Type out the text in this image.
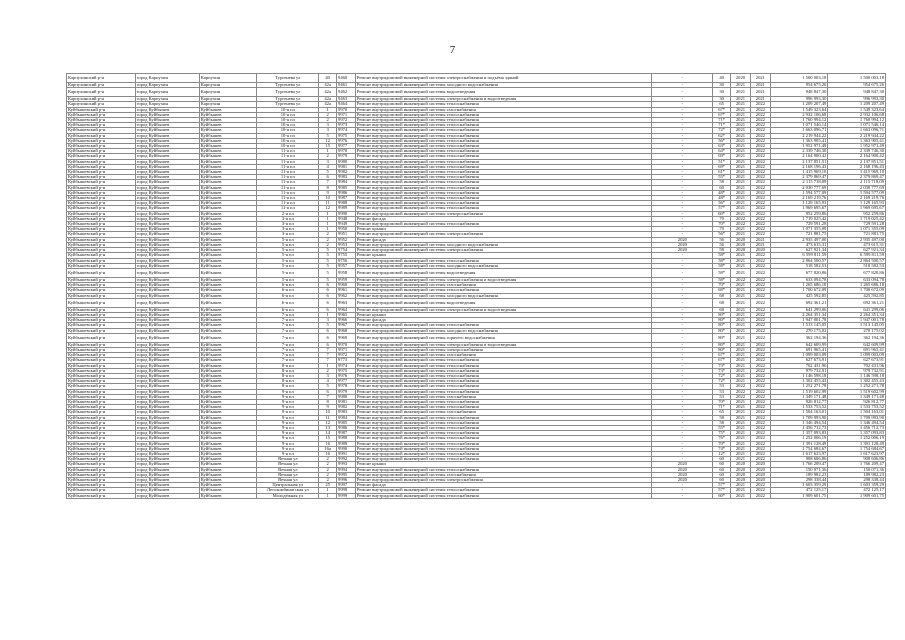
7
Карпухинский р-н	город Карпухин	Карпухин	Тургенева ул	40	9460	Ремонт внутридомовой инженерной системы электроснабжения и подъёма зданий	-	40	2020	2021	1 500 003,18	1 500 003,18
Карпухинский р-н	город Карпухин	Карпухин	Тургенева ул	42а	9461	Ремонт внутридомовой инженерной системы холодного водоснабжения	-	30	2021	2021	954 675,26	954 675,26
Карпухинский р-н	город Карпухин	Карпухин	Тургенева ул	42а	9462	Ремонт внутридомовой инженерной системы водоотведения	-	30	2021	2021	948 847,30	948 847,30
Карпухинский р-н	город Карпухин	Карпухин	Тургенева ул	42а	9463	Ремонт внутридомовой инженерной системы электроснабжения и водоотведения	-	30	2021	2021	996 993,30	996 993,30
Карпухинский р-н	город Карпухин	Карпухин	Тургенева ул	42а	9464	Ремонт внутридомовой инженерной системы теплоснабжения	-	65	2021	2022	1 209 207,49	1 209 207,49
Куйбышевский р-н	город Куйбышев	Куйбышев	10-я пл	1	9970	Ремонт внутридомовой инженерной системы газоснабжения	-	67*	2021	2022	1 549 323,64	1 549 323,64
Куйбышевский р-н	город Куйбышев	Куйбышев	10-я пл	2	9971	Ремонт внутридомовой инженерной системы теплоснабжения	-	67*	2021	2022	2 932 106,68	2 932 106,68
Куйбышевский р-н	город Куйбышев	Куйбышев	10-я пл	2	9972	Ремонт внутридомовой инженерной системы теплоснабжения	-	71*	2021	2022	1 760 994,12	1 760 994,12
Куйбышевский р-н	город Куйбышев	Куйбышев	10-я пл	3	9973	Ремонт внутридомовой инженерной системы теплоснабжения	-	71*	2021	2022	1 071 546,14	1 071 546,14
Куйбышевский р-н	город Куйбышев	Куйбышев	10-я пл	3	9974	Ремонт внутридомовой инженерной системы теплоснабжения	-	72*	2021	2022	1 663 096,71	1 663 096,71
Куйбышевский р-н	город Куйбышев	Куйбышев	10-я пл	5	9975	Ремонт внутридомовой инженерной системы теплоснабжения	-	62*	2021	2022	2 219 944,22	2 219 944,22
Куйбышевский р-н	город Куйбышев	Куйбышев	10-я пл	12	9976	Ремонт внутридомовой инженерной системы теплоснабжения	-	56*	2021	2022	1 363 905,41	1 363 905,41
Куйбышевский р-н	город Куйбышев	Куйбышев	10-я пл	15	9977	Ремонт внутридомовой инженерной системы теплоснабжения	-	63*	2021	2022	1 952 971,49	1 952 971,49
Куйбышевский р-н	город Куйбышев	Куйбышев	11-я пл	1	9978	Ремонт внутридомовой инженерной системы теплоснабжения	-	64*	2021	2022	2 339 746,30	2 339 746,30
Куйбышевский р-н	город Куйбышев	Куйбышев	11-я пл	2	9979	Ремонт внутридомовой инженерной системы теплоснабжения	-	69*	2021	2022	2 164 900,42	2 164 900,42
Куйбышевский р-н	город Куйбышев	Куйбышев	11-я пл	3	9980	Ремонт внутридомовой инженерной системы теплоснабжения	-	51*	2021	2022	2 137 851,51	2 137 851,51
Куйбышевский р-н	город Куйбышев	Куйбышев	11-я пл	4	9981	Ремонт внутридомовой инженерной системы теплоснабжения	-	69*	2021	2022	2 168 196,43	2 168 196,43
Куйбышевский р-н	город Куйбышев	Куйбышев	11-я пл	5	9982	Ремонт внутридомовой инженерной системы теплоснабжения	-	61*	2021	2022	1 415 969,10	1 415 969,10
Куйбышевский р-н	город Куйбышев	Куйбышев	11-я пл	6	9983	Ремонт внутридомовой инженерной системы теплоснабжения	-	55*	2021	2022	2 379 869,47	2 379 869,47
Куйбышевский р-н	город Куйбышев	Куйбышев	11-я пл	7	9984	Ремонт внутридомовой инженерной системы теплоснабжения	-	58	2021	2022	2 115 718,09	2 115 718,09
Куйбышевский р-н	город Куйбышев	Куйбышев	11-я пл	8	9985	Ремонт внутридомовой инженерной системы теплоснабжения	-	60	2021	2022	2 030 777,69	2 030 777,69
Куйбышевский р-н	город Куйбышев	Куйбышев	11-я пл	9	9986	Ремонт внутридомовой инженерной системы теплоснабжения	-	48*	2021	2022	1 594 577,09	1 594 577,09
Куйбышевский р-н	город Куйбышев	Куйбышев	11-я пл	10	9987	Ремонт внутридомовой инженерной системы теплоснабжения	-	48*	2021	2022	2 169 219,76	2 169 219,76
Куйбышевский р-н	город Куйбышев	Куйбышев	11-я пл	11	9988	Ремонт внутридомовой инженерной системы теплоснабжения	-	56*	2021	2022	1 129 165,93	1 129 165,93
Куйбышевский р-н	город Куйбышев	Куйбышев	11-я пл	12	9989	Ремонт внутридомовой инженерной системы теплоснабжения	-	57*	2021	2022	1 969 695,67	1 969 695,67
Куйбышевский р-н	город Куйбышев	Куйбышев	2-я пл	1	9990	Ремонт внутридомовой инженерной системы электроснабжения	-	60*	2021	2022	952 259,86	952 259,86
Куйбышевский р-н	город Куйбышев	Куйбышев	3-я пл	1	9948	Ремонт фасада	-	70	2022	2022	1 719 025,42	1 719 025,42
Куйбышевский р-н	город Куйбышев	Куйбышев	3-я пл	1	9949	Ремонт внутридомовой инженерной системы теплоснабжения	-	70*	2022	2022	729 591,28	729 591,28
Куйбышевский р-н	город Куйбышев	Куйбышев	3-я пл	1	9950	Ремонт крыши	-	70	2021	2022	1 071 355,09	1 071 355,09
Куйбышевский р-н	город Куйбышев	Куйбышев	3-я пл	2	9951	Ремонт внутридомовой инженерной системы электроснабжения	-	56*	2021	2022	721 881,75	721 881,75
Куйбышевский р-н	город Куйбышев	Куйбышев	5-я пл	2	9952	Ремонт фасада	2020	56	2020	2021	2 935 497,00	2 935 497,00
Куйбышевский р-н	город Куйбышев	Куйбышев	5-я пл	2	9953	Ремонт внутридомовой инженерной системы холодного водоснабжения	2020	56	2020	2021	473 615,31	473 615,31
Куйбышевский р-н	город Куйбышев	Куйбышев	5-я пл	5	9754	Ремонт внутридомовой инженерной системы электроснабжения	2020	58	2020	2020	627 921,34	627 921,34
Куйбышевский р-н	город Куйбышев	Куйбышев	5-я пл	5	9755	Ремонт крыши	-	58*	2021	2022	6 599 811,59	6 599 811,59
Куйбышевский р-н	город Куйбышев	Куйбышев	5-я пл	5	9756	Ремонт внутридомовой инженерной системы теплоснабжения	-	58*	2021	2022	2 864 500,57	2 864 500,57
Куйбышевский р-н	город Куйбышев	Куйбышев	5-я пл	5	9957	Ремонт внутридомовой инженерной системы холодного водоснабжения	-	58*	2021	2022	518 582,53	518 582,53
Куйбышевский р-н	город Куйбышев	Куйбышев	5-я пл	5	9958	Ремонт внутридомовой инженерной системы водоотведения	-	58*	2021	2022	677 820,86	677 820,86
Куйбышевский р-н	город Куйбышев	Куйбышев	5-я пл	5	9959	Ремонт внутридомовой инженерной системы электроснабжения и водоотведения	-	58*	2022	2022	633 094,78	633 094,78
Куйбышевский р-н	город Куйбышев	Куйбышев	6-я пл	6	9960	Ремонт внутридомовой инженерной системы газоснабжения	-	70*	2021	2022	1 265 686,18	1 265 686,18
Куйбышевский р-н	город Куйбышев	Куйбышев	6-я пл	6	9961	Ремонт внутридомовой инженерной системы теплоснабжения	-	68*	2021	2022	1 700 672,09	1 700 672,09
Куйбышевский р-н	город Куйбышев	Куйбышев	6-я пл	6	9962	Ремонт внутридомовой инженерной системы холодного водоснабжения	-	68	2021	2022	425 592,85	425 592,85
Куйбышевский р-н	город Куйбышев	Куйбышев	6-я пл	6	9963	Ремонт внутридомовой инженерной системы водоотведения	-	68	2021	2022	692 361,21	692 361,21
Куйбышевский р-н	город Куйбышев	Куйбышев	6-я пл	6	9964	Ремонт внутридомовой инженерной системы электроснабжения и водоотведения	-	68	2021	2022	641 299,06	641 299,06
Куйбышевский р-н	город Куйбышев	Куйбышев	7-я пл	1	9965	Ремонт крыши	-	80*	2021	2022	2 264 351,34	2 264 351,34
Куйбышевский р-н	город Куйбышев	Куйбышев	7-я пл	3	9966	Ремонт фасада	-	80*	2021	2022	1 947 001,78	1 947 001,78
Куйбышевский р-н	город Куйбышев	Куйбышев	7-я пл	5	9967	Ремонт внутридомовой инженерной системы теплоснабжения	-	80*	2021	2022	1 513 145,05	1 513 145,05
Куйбышевский р-н	город Куйбышев	Куйбышев	7-я пл	6	9968	Ремонт внутридомовой инженерной системы холодного водоснабжения	-	80*	2021	2022	270 175,02	270 175,02
Куйбышевский р-н	город Куйбышев	Куйбышев	7-я пл	6	9969	Ремонт внутридомовой инженерной системы горячего водоснабжения	-	80*	2021	2022	362 194,36	362 194,36
Куйбышевский р-н	город Куйбышев	Куйбышев	7-я пл	6	9970	Ремонт внутридомовой инженерной системы электроснабжения и водоотведения	-	80*	2021	2022	642 609,99	642 609,99
Куйбышевский р-н	город Куйбышев	Куйбышев	7-я пл	7	9971	Ремонт внутридомовой инженерной системы электроснабжения	-	80*	2021	2022	691 965,41	691 965,41
Куйбышевский р-н	город Куйбышев	Куйбышев	7-я пл	7	9972	Ремонт внутридомовой инженерной системы газоснабжения	-	67*	2021	2022	1 099 003,09	1 099 003,09
Куйбышевский р-н	город Куйбышев	Куйбышев	7-я пл	7	9773	Ремонт внутридомовой инженерной системы теплоснабжения	-	67*	2021	2022	627 673,91	627 673,91
Куйбышевский р-н	город Куйбышев	Куйбышев	8-я пл	1	9974	Ремонт внутридомовой инженерной системы теплоснабжения	-	73*	2021	2022	702 431,96	702 431,96
Куйбышевский р-н	город Куйбышев	Куйбышев	8-я пл	2	9975	Ремонт внутридомовой инженерной системы теплоснабжения	-	73*	2021	2022	979 732,91	979 732,91
Куйбышевский р-н	город Куйбышев	Куйбышев	8-я пл	3	9976	Ремонт внутридомовой инженерной системы теплоснабжения	-	72*	2021	2022	1 146 598,18	1 146 598,18
Куйбышевский р-н	город Куйбышев	Куйбышев	8-я пл	4	9977	Ремонт внутридомовой инженерной системы теплоснабжения	-	72*	2021	2022	1 302 455,43	1 302 455,43
Куйбышевский р-н	город Куйбышев	Куйбышев	8-я пл	5	9978	Ремонт внутридомовой инженерной системы теплоснабжения	-	53	2022	2022	1 252 271,78	1 252 271,78
Куйбышевский р-н	город Куйбышев	Куйбышев	9-я пл	6	9979	Ремонт внутридомовой инженерной системы теплоснабжения	-	53	2022	2022	1 519 602,99	1 519 602,99
Куйбышевский р-н	город Куйбышев	Куйбышев	9-я пл	7	9980	Ремонт внутридомовой инженерной системы газоснабжения	-	53	2022	2022	1 349 171,48	1 349 171,48
Куйбышевский р-н	город Куйбышев	Куйбышев	9-я пл	8	9981	Ремонт внутридомовой инженерной системы теплоснабжения	-	70*	2021	2022	926 812,77	926 812,77
Куйбышевский р-н	город Куйбышев	Куйбышев	9-я пл	9	9982	Ремонт внутридомовой инженерной системы теплоснабжения	-	71*	2021	2022	1 533 753,52	1 533 753,52
Куйбышевский р-н	город Куйбышев	Куйбышев	9-я пл	10	9983	Ремонт внутридомовой инженерной системы газоснабжения	-	65	2021	2022	1 504 163,01	1 504 163,01
Куйбышевский р-н	город Куйбышев	Куйбышев	9-я пл	11	9984	Ремонт внутридомовой инженерной системы теплоснабжения	-	58	2021	2022	1 709 993,90	1 709 993,90
Куйбышевский р-н	город Куйбышев	Куйбышев	9-я пл	12	9985	Ремонт внутридомовой инженерной системы теплоснабжения	-	58	2021	2022	1 346 494,54	1 346 494,54
Куйбышевский р-н	город Куйбышев	Куйбышев	9-я пл	13	9986	Ремонт внутридомовой инженерной системы теплоснабжения	-	55*	2021	2022	1 456 712,73	1 456 712,73
Куйбышевский р-н	город Куйбышев	Куйбышев	9-я пл	14	9987	Ремонт внутридомовой инженерной системы теплоснабжения	-	75*	2021	2022	1 357 093,83	1 357 093,83
Куйбышевский р-н	город Куйбышев	Куйбышев	9-я пл	15	9988	Ремонт внутридомовой инженерной системы теплоснабжения	-	76*	2021	2022	1 252 006,19	1 252 006,19
Куйбышевский р-н	город Куйбышев	Куйбышев	9-я пл	16	9989	Ремонт внутридомовой инженерной системы теплоснабжения	-	70*	2021	2022	1 391 128,49	1 391 128,49
Куйбышевский р-н	город Куйбышев	Куйбышев	9-я пл	16а	9990	Ремонт внутридомовой инженерной системы теплоснабжения	-	74*	2021	2022	1 754 684,67	1 754 684,67
Куйбышевский р-н	город Куйбышев	Куйбышев	9-я пл	16	9991	Ремонт внутридомовой инженерной системы теплоснабжения	-	12*	2021	2022	1 617 623,97	1 617 623,97
Куйбышевский р-н	город Куйбышев	Куйбышев	Вечная ул	2	9992	Ремонт внутридомовой инженерной системы теплоснабжения	-	60	2021	2022	908 606,86	908 606,86
Куйбышевский р-н	город Куйбышев	Куйбышев	Вечная ул	2	9993	Ремонт крыши	2020	60	2020	2020	1 766 209,47	1 766 209,47
Куйбышевский р-н	город Куйбышев	Куйбышев	Вечная ул	2	9994	Ремонт внутридомовой инженерной системы теплоснабжения	2020	60	2020	2020	150 071,36	150 071,36
Куйбышевский р-н	город Куйбышев	Куйбышев	Вечная ул	2	9995	Ремонт внутридомовой инженерной системы газоснабжения	2020	60	2020	2020	189 982,23	189 982,23
Куйбышевский р-н	город Куйбышев	Куйбышев	Вечная ул	2	9996	Ремонт внутридомовой инженерной системы электроснабжения	2020	60	2020	2020	298 338,44	298 338,44
Куйбышевский р-н	город Куйбышев	Куйбышев	Центральная ул	25	9997	Ремонт фасада	-	57*	2021	2022	1 603 359,29	1 603 359,29
Куйбышевский р-н	город Куйбышев	Куйбышев	Лесокомбинатская ул	1	9998	Ремонт внутридомовой инженерной системы теплоснабжения	-	57*	2021	2022	472 125,17	472 125,17
Куйбышевский р-н	город Куйбышев	Куйбышев	Молодёжная ул	1	9999	Ремонт внутридомовой инженерной системы теплоснабжения	-	60*	2021	2022	1 909 601,75	1 909 601,75
